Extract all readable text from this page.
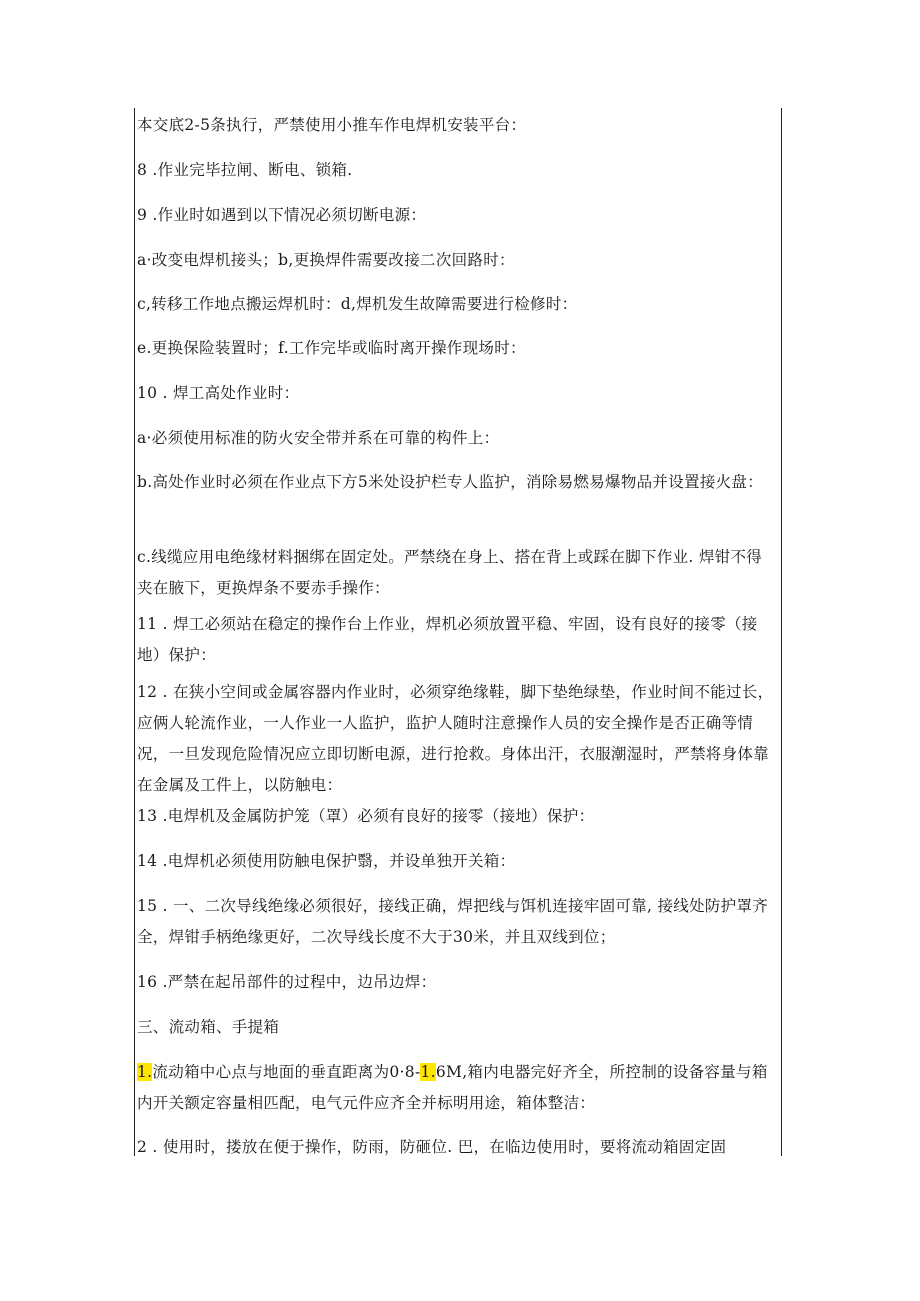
本交底2-5条执行，严禁使用小推车作电焊机安装平台：
8 .作业完毕拉闸、断电、锁箱.
9 .作业时如遇到以下情况必须切断电源：
a·改变电焊机接头；b,更换焊件需要改接二次回路时：
c,转移工作地点搬运焊机时：d,焊机发生故障需要进行检修时：
e.更换保险装置时；f.工作完毕或临时离开操作现场时：
10 . 焊工高处作业时：
a·必须使用标准的防火安全带并系在可靠的构件上：
b.高处作业时必须在作业点下方5米处设护栏专人监护，消除易燃易爆物品并设置接火盘：
c.线缆应用电绝缘材料捆绑在固定处。严禁绕在身上、搭在背上或踩在脚下作业. 焊钳不得夹在腋下，更换焊条不要赤手操作：
11 . 焊工必须站在稳定的操作台上作业，焊机必须放置平稳、牢固，设有良好的接零（接地）保护：
12 . 在狭小空间或金属容器内作业时，必须穿绝缘鞋，脚下垫绝绿垫，作业时间不能过长，应俩人轮流作业，一人作业一人监护，监护人随时注意操作人员的安全操作是否正确等情况，一旦发现危险情况应立即切断电源，进行抢救。身体出汗，衣服潮湿时，严禁将身体靠在金属及工件上，以防触电：
13 .电焊机及金属防护笼（罩）必须有良好的接零（接地）保护：
14 .电焊机必须使用防触电保护翳，并设单独开关箱：
15 . 一、二次导线绝缘必须很好，接线正确，焊把线与饵机连接牢固可靠, 接线处防护罩齐全，焊钳手柄绝缘更好，二次导线长度不大于30米，并且双线到位；
16 .严禁在起吊部件的过程中，边吊边焊：
三、流动箱、手提箱
1.流动箱中心点与地面的垂直距离为0·8-1.6M,箱内电器完好齐全，所控制的设备容量与箱内开关额定容量相匹配，电气元件应齐全并标明用途，箱体整洁：
2 . 使用时，搂放在便于操作，防雨，防砸位. 巴，在临边使用时，要将流动箱固定固
